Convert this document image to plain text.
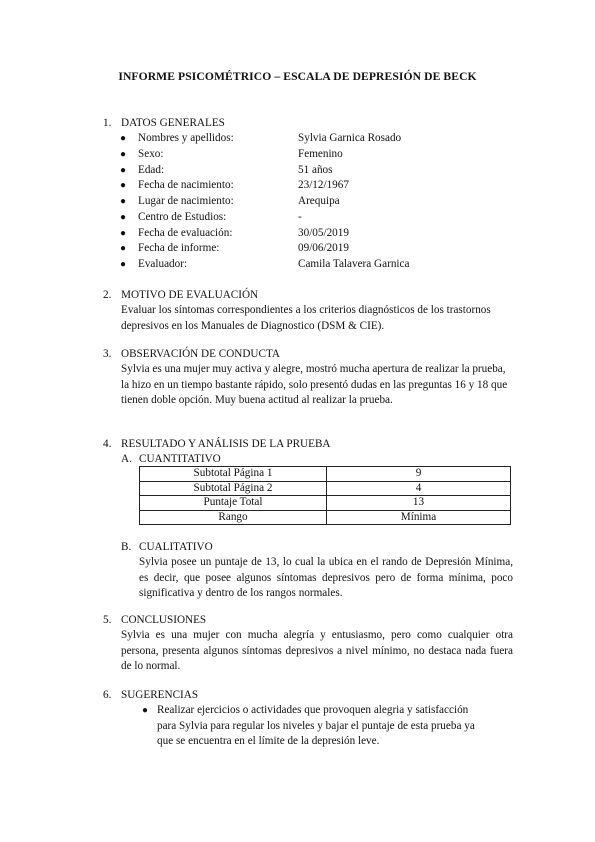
INFORME PSICOMÉTRICO – ESCALA DE DEPRESIÓN DE BECK
1. DATOS GENERALES
● Nombres y apellidos:	Sylvia Garnica Rosado
● Sexo:	Femenino
● Edad:	51 años
● Fecha de nacimiento:	23/12/1967
● Lugar de nacimiento:	Arequipa
● Centro de Estudios:	-
● Fecha de evaluación:	30/05/2019
● Fecha de informe:	09/06/2019
● Evaluador:	Camila Talavera Garnica
2. MOTIVO DE EVALUACIÓN
Evaluar los síntomas correspondientes a los criterios diagnósticos de los trastornos depresivos en los Manuales de Diagnostico (DSM & CIE).
3. OBSERVACIÓN DE CONDUCTA
Sylvia es una mujer muy activa y alegre, mostró mucha apertura de realizar la prueba, la hizo en un tiempo bastante rápido, solo presentó dudas en las preguntas 16 y 18 que tienen doble opción. Muy buena actitud al realizar la prueba.
4. RESULTADO Y ANÁLISIS DE LA PRUEBA
A. CUANTITATIVO
Subtotal Página 1	9
Subtotal Página 2	4
Puntaje Total	13
Rango	Mínima
B. CUALITATIVO
Sylvia posee un puntaje de 13, lo cual la ubica en el rando de Depresión Mínima, es decir, que posee algunos síntomas depresivos pero de forma mínima, poco significativa y dentro de los rangos normales.
5. CONCLUSIONES
Sylvia es una mujer con mucha alegría y entusiasmo, pero como cualquier otra persona, presenta algunos síntomas depresivos a nivel mínimo, no destaca nada fuera de lo normal.
6. SUGERENCIAS
● Realizar ejercicios o actividades que provoquen alegria y satisfacción para Sylvia para regular los niveles y bajar el puntaje de esta prueba ya que se encuentra en el límite de la depresión leve.
